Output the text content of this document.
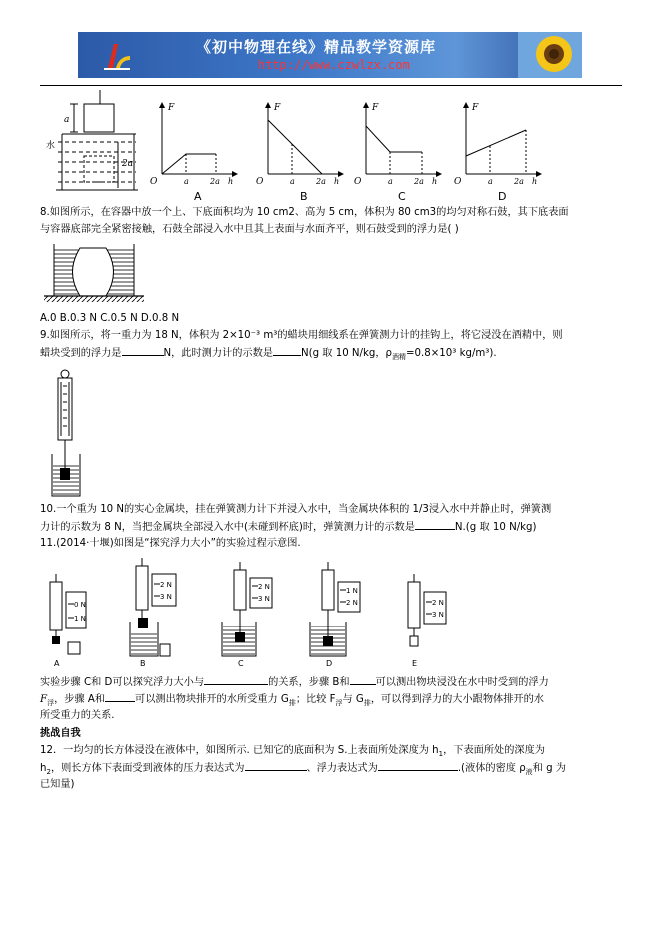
《初中物理在线》精品教学资源库
http://www.czwlzx.com
a
水
2a
F
O	a	2a h
A
F
O	a	2a h
B
F
O	a	2a h
C
F
O	a	2a h
D
8.如图所示，在容器中放一个上、下底面积均为 10 cm2、高为 5 cm，体积为 80 cm3的均匀对称石鼓，其下底表面
与容器底部完全紧密接触，石鼓全部浸入水中且其上表面与水面齐平，则石鼓受到的浮力是( )
A.0 B.0.3 N C.0.5 N D.0.8 N
9.如图所示，将一重力为 18 N，体积为 2×10⁻³ m³的蜡块用细线系在弹簧测力计的挂钩上，将它浸没在酒精中，则
蜡块受到的浮力是	N，此时测力计的示数是	N(g 取 10 N/kg，$\rho_{酒精}=0.8\times 10^3$ kg/m³).
10.一个重为 10 N的实心金属块，挂在弹簧测力计下并浸入水中，当金属块体积的 1/3浸入水中并静止时，弹簧测
力计的示数为 8 N，当把金属块全部浸入水中(未碰到杯底)时，弹簧测力计的示数是	N.(g 取 10 N/kg)
11.(2014·十堰)如图是“探究浮力大小”的实验过程示意图.
0 N
1 N
A
2 N
3 N
B
2 N
3 N
C
1 N
2 N
D
2 N
3 N
E
实验步骤 C和 D可以探究浮力大小与	的关系，步骤 B和	可以测出物块浸没在水中时受到的浮力
$F_浮$，步骤 A和	可以测出物块排开的水所受重力 $G_排$；比较 $F_浮$与 $G_排$，可以得到浮力的大小跟物体排开的水
所受重力的关系.
挑战自我
12．一均匀的长方体浸没在液体中，如图所示. 已知它的底面积为 S.上表面所处深度为 $h_1$，下表面所处的深度为
$h_2$，则长方体下表面受到液体的压力表达式为	、浮力表达式为	.(液体的密度 $\rho_液$和 g 为
已知量)
